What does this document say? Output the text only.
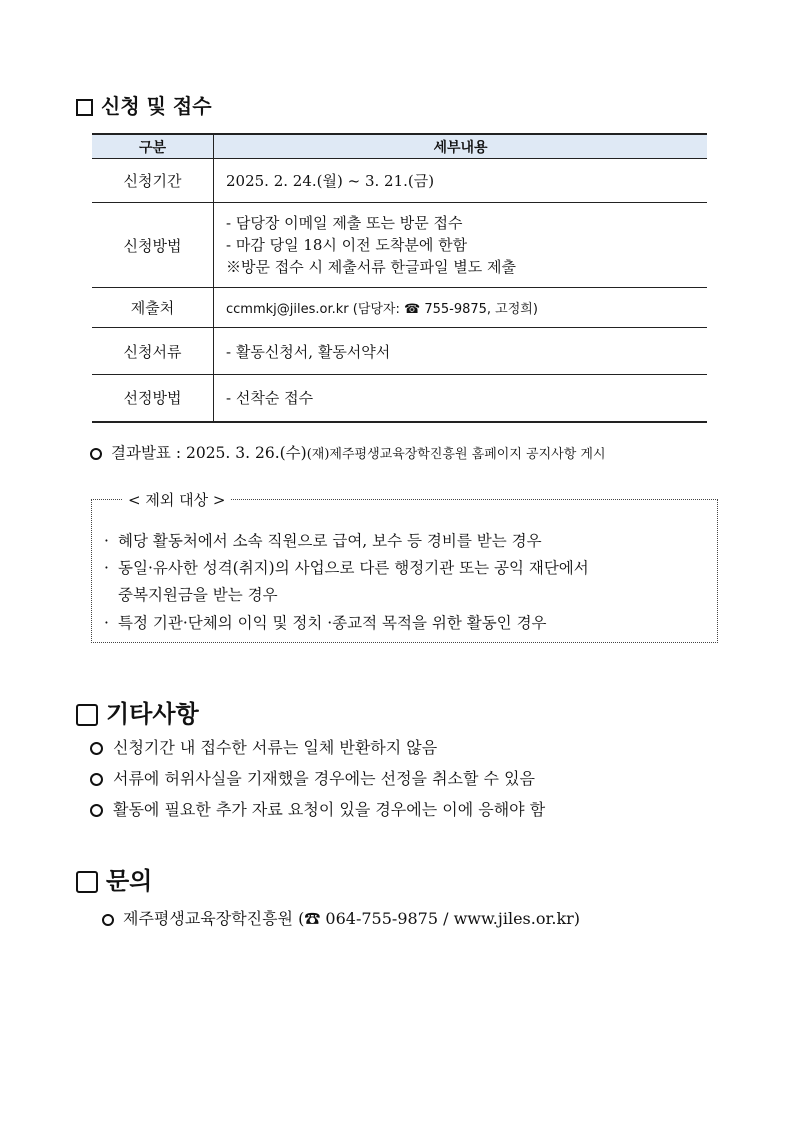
신청 및 접수
구분	세부내용
신청기간	2025. 2. 24.(월) ~ 3. 21.(금)
신청방법	- 담당장 이메일 제출 또는 방문 접수
- 마감 당일 18시 이전 도착분에 한함
※방문 접수 시 제출서류 한글파일 별도 제출

제출처	ccmmkj@jiles.or.kr (담당자: ☎ 755-9875, 고정희)
신청서류	- 활동신청서, 활동서약서
선정방법	- 선착순 접수
결과발표 : 2025. 3. 26.(수)(재)제주평생교육장학진흥원 홈페이지 공지사항 게시
< 제외 대상 >
· 혜당 활동처에서 소속 직원으로 급여, 보수 등 경비를 받는 경우
· 동일·유사한 성격(취지)의 사업으로 다른 행정기관 또는 공익 재단에서
중복지원금을 받는 경우
· 특정 기관·단체의 이익 및 정치 ·종교적 목적을 위한 활동인 경우
기타사항
신청기간 내 접수한 서류는 일체 반환하지 않음
서류에 허위사실을 기재했을 경우에는 선정을 취소할 수 있음
활동에 필요한 추가 자료 요청이 있을 경우에는 이에 응해야 함
문의
제주평생교육장학진흥원 (☎ 064-755-9875 / www.jiles.or.kr)
